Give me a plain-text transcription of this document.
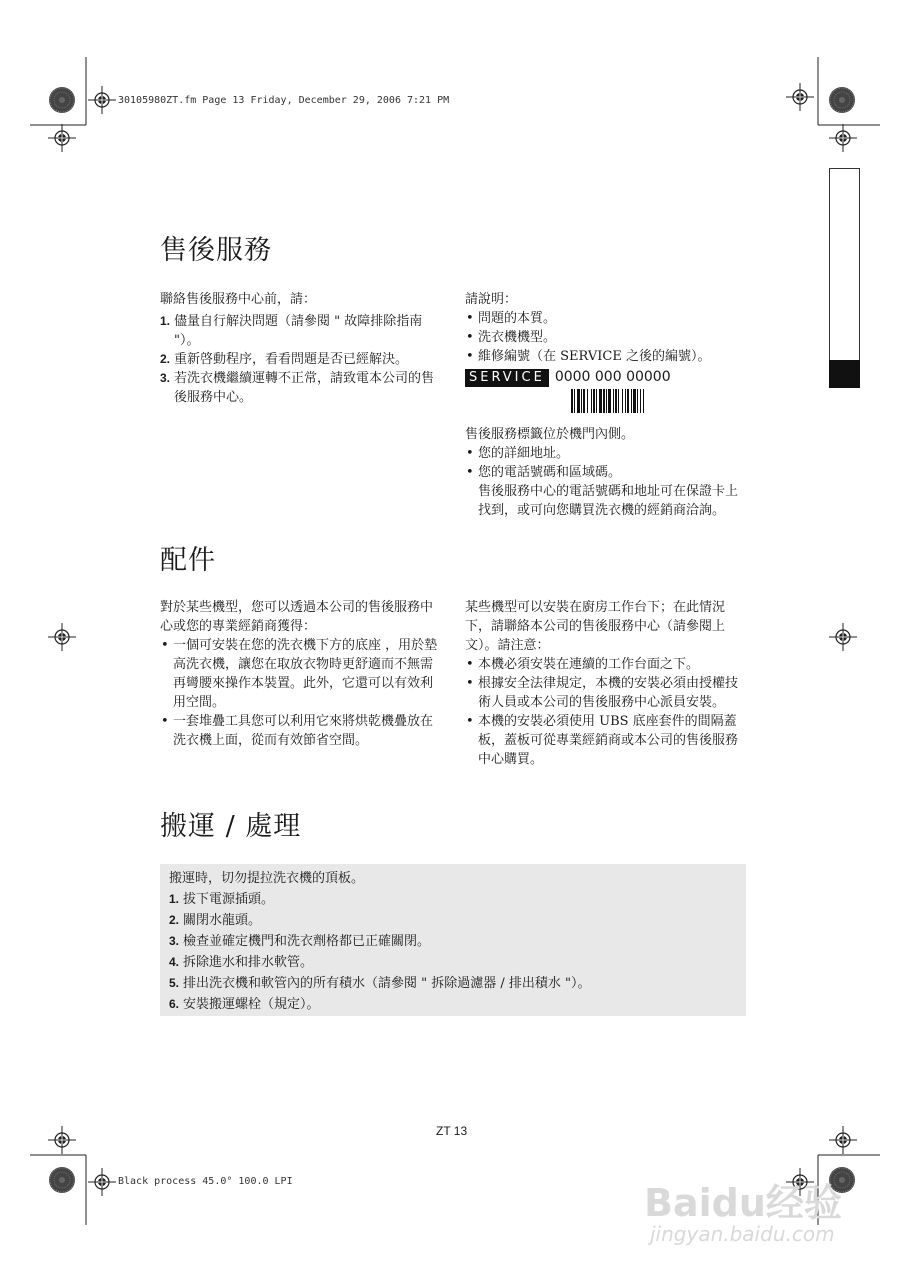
30105980ZT.fm Page 13 Friday, December 29, 2006 7:21 PM
售後服務

聯絡售後服務中心前，請：

1. 儘量自行解決問題（請參閱 " 故障排除指南 "）。
2. 重新啓動程序，看看問題是否已經解決。
3. 若洗衣機繼續運轉不正常，請致電本公司的售後服務中心。

請說明：

• 問題的本質。
• 洗衣機機型。
• 維修編號（在 SERVICE 之後的編號）。
SERVICE 0000 000 00000

售後服務標籤位於機門內側。

• 您的詳細地址。
• 您的電話號碼和區域碼。
售後服務中心的電話號碼和地址可在保證卡上找到，或可向您購買洗衣機的經銷商洽詢。
配件

對於某些機型，您可以透過本公司的售後服務中心或您的專業經銷商獲得：

• 一個可安裝在您的洗衣機下方的底座 ，用於墊高洗衣機，讓您在取放衣物時更舒適而不無需再彎腰來操作本裝置。此外，它還可以有效利用空間。
• 一套堆疊工具您可以利用它來將烘乾機疊放在洗衣機上面，從而有效節省空間。

某些機型可以安裝在廚房工作台下；在此情況下，請聯絡本公司的售後服務中心（請參閱上文）。請注意：

• 本機必須安裝在連續的工作台面之下。
• 根據安全法律規定，本機的安裝必須由授權技術人員或本公司的售後服務中心派員安裝。
• 本機的安裝必須使用 UBS 底座套件的間隔蓋板，蓋板可從專業經銷商或本公司的售後服務中心購買。
搬運 / 處理

搬運時，切勿提拉洗衣機的頂板。

1. 拔下電源插頭。
2. 關閉水龍頭。
3. 檢查並確定機門和洗衣劑格都已正確關閉。
4. 拆除進水和排水軟管。
5. 排出洗衣機和軟管內的所有積水（請參閱 " 拆除過濾器 / 排出積水 "）。
6. 安裝搬運螺栓（規定）。
ZT 13
Black process 45.0° 100.0 LPI	Baidu经验
jingyan.baidu.com
